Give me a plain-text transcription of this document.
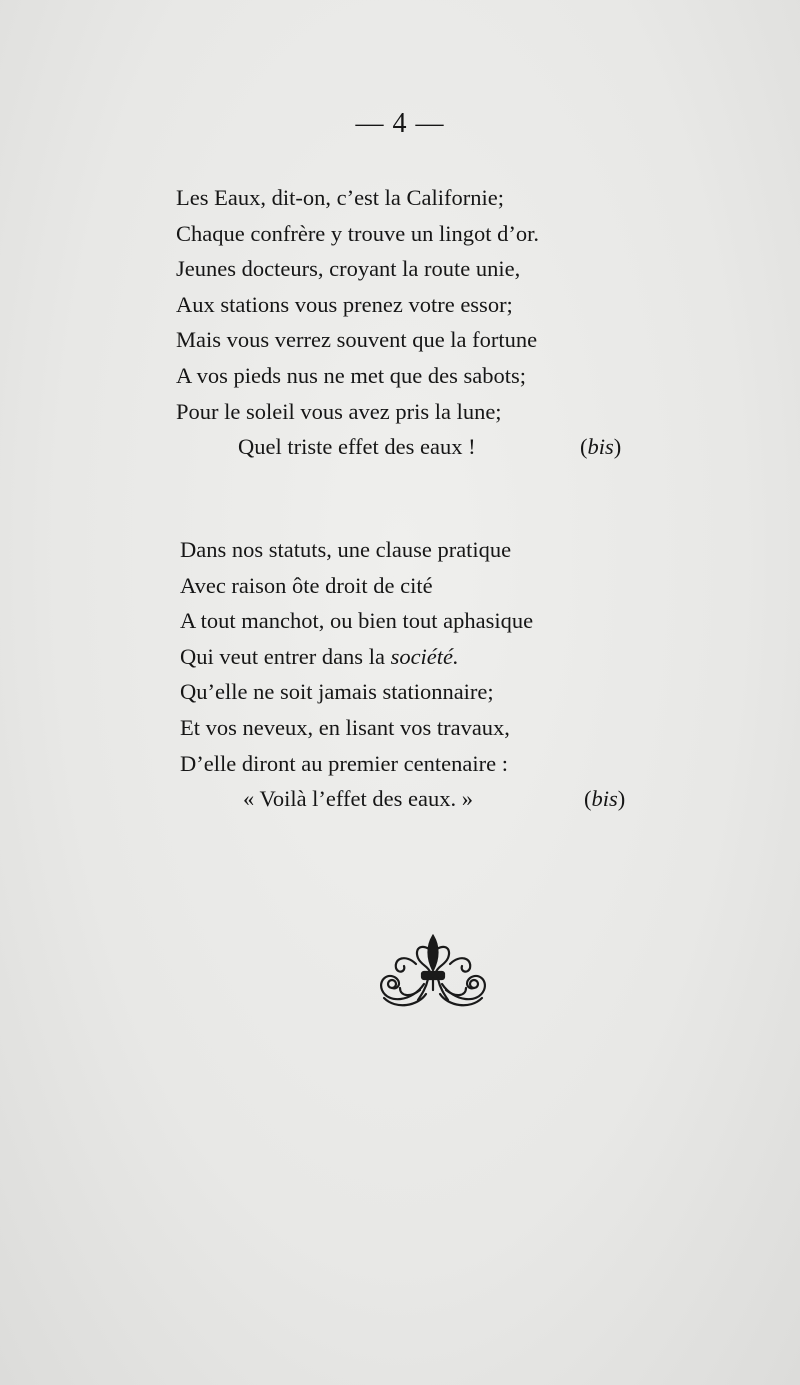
— 4 —
Les Eaux, dit-on, c’est la Californie;
Chaque confrère y trouve un lingot d’or.
Jeunes docteurs, croyant la route unie,
Aux stations vous prenez votre essor;
Mais vous verrez souvent que la fortune
A vos pieds nus ne met que des sabots;
Pour le soleil vous avez pris la lune;
Quel triste effet des eaux !	(bis)
Dans nos statuts, une clause pratique
Avec raison ôte droit de cité
A tout manchot, ou bien tout aphasique
Qui veut entrer dans la société.
Qu’elle ne soit jamais stationnaire;
Et vos neveux, en lisant vos travaux,
D’elle diront au premier centenaire :
« Voilà l’effet des eaux. »	(bis)
